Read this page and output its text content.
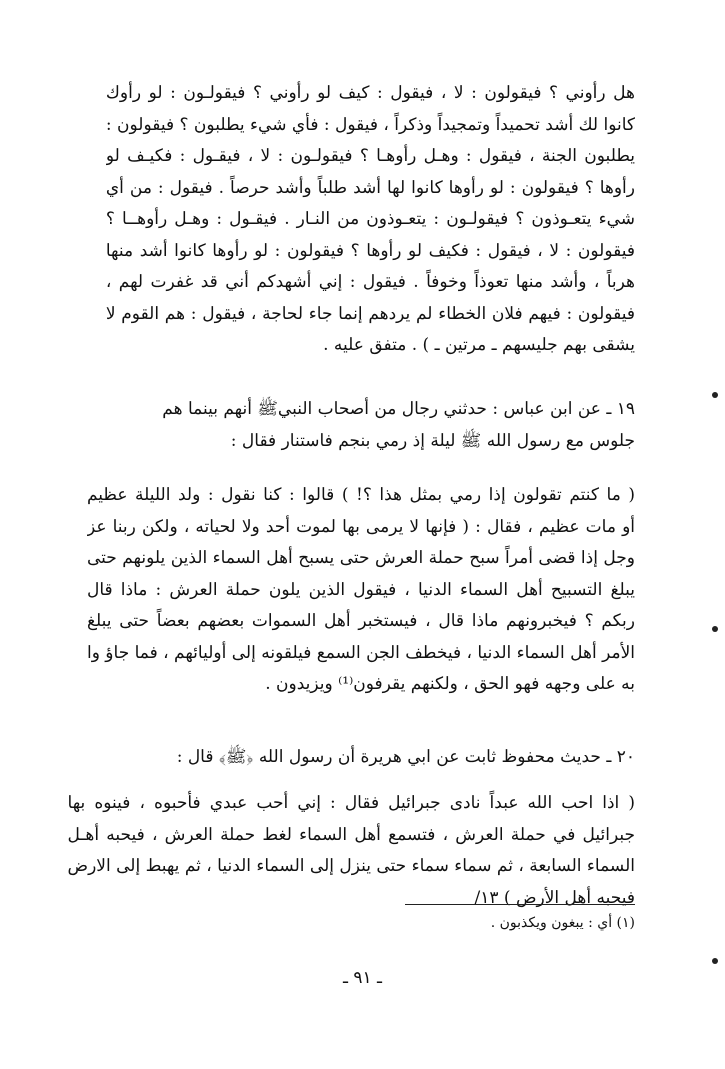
هل رأوني ؟ فيقولون : لا ، فيقول : كيف لو رأوني ؟ فيقولـون : لو رأوك
كانوا لك أشد تحميداً وتمجيداً وذكراً ، فيقول : فأي شيء يطلبون ؟ فيقولون :
يطلبون الجنة ، فيقول : وهـل رأوهـا ؟ فيقولـون : لا ، فيقـول : فكيـف لو
رأوها ؟ فيقولون : لو رأوها كانوا لها أشد طلباً وأشد حرصاً . فيقول : من أي
شيء يتعـوذون ؟ فيقولـون : يتعـوذون من النـار . فيقـول : وهـل رأوهــا ؟
فيقولون : لا ، فيقول : فكيف لو رأوها ؟ فيقولون : لو رأوها كانوا أشد منها
هرباً ، وأشد منها تعوذاً وخوفاً . فيقول : إني أشهدكم أني قد غفرت لهم ،
فيقولون : فيهم فلان الخطاء لم يردهم إنما جاء لحاجة ، فيقول : هم القوم لا
يشقى بهم جليسهم ـ مرتين ـ ) . متفق عليه .
١٩ ـ عن ابن عباس : حدثني رجال من أصحاب النبيﷺ أنهم بينما هم
جلوس مع رسول الله ﷺ ليلة إذ رمي بنجم فاستنار فقال :
( ما كنتم تقولون إذا رمي بمثل هذا ؟! ) قالوا : كنا نقول : ولد الليلة عظيم
أو مات عظيم ، فقال : ( فإنها لا يرمى بها لموت أحد ولا لحياته ، ولكن ربنا عز
وجل إذا قضى أمراً سبح حملة العرش حتى يسبح أهل السماء الذين يلونهم حتى
يبلغ التسبيح أهل السماء الدنيا ، فيقول الذين يلون حملة العرش : ماذا قال
ربكم ؟ فيخبرونهم ماذا قال ، فيستخبر أهل السموات بعضهم بعضاً حتى يبلغ
الأمر أهل السماء الدنيا ، فيخطف الجن السمع فيلقونه إلى أوليائهم ، فما جاؤ وا
به على وجهه فهو الحق ، ولكنهم يقرفون⁽¹⁾ ويزيدون .
٢٠ ـ حديث محفوظ ثابت عن ابي هريرة أن رسول الله ﴿ﷺ﴾ قال :
( اذا احب الله عبداً نادى جبرائيل فقال : إني أحب عبدي فأحبوه ، فينوه بها
جبرائيل في حملة العرش ، فتسمع أهل السماء لغط حملة العرش ، فيحبه أهـل
السماء السابعة ، ثم سماء سماء حتى ينزل إلى السماء الدنيا ، ثم يهبط إلى الارض
فيحبه أهل الأرض ) ١٣/
(١) أي : يبغون ويكذبون .
ـ ٩١ ـ
